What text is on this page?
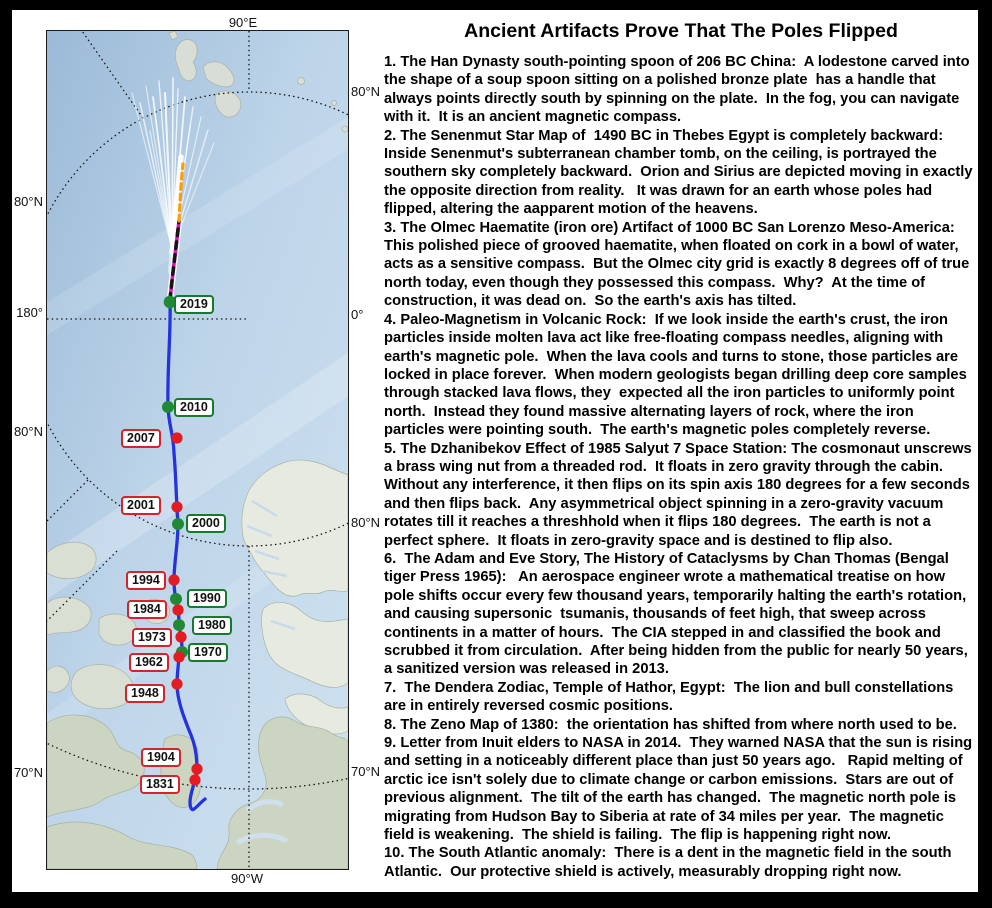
90°E
90°W
80°N
180°
80°N
70°N
80°N
0°
80°N
70°N
2019
2010
2007
2001
2000
1994
1990
1984
1980
1973
1970
1962
1948
1904
1831
Ancient Artifacts Prove That The Poles Flipped

1. The Han Dynasty south-pointing spoon of 206 BC China:  A lodestone carved into the shape of a soup spoon sitting on a polished bronze plate  has a handle that always points directly south by spinning on the plate.  In the fog, you can navigate with it.  It is an ancient magnetic compass.

2. The Senenmut Star Map of  1490 BC in Thebes Egypt is completely backward: Inside Senenmut's subterranean chamber tomb, on the ceiling, is portrayed the southern sky completely backward.  Orion and Sirius are depicted moving in exactly the opposite direction from reality.   It was drawn for an earth whose poles had flipped, altering the aapparent motion of the heavens.

3. The Olmec Haematite (iron ore) Artifact of 1000 BC San Lorenzo Meso-America: This polished piece of grooved haematite, when floated on cork in a bowl of water, acts as a sensitive compass.  But the Olmec city grid is exactly 8 degrees off of true north today, even though they possessed this compass.  Why?  At the time of construction, it was dead on.  So the earth's axis has tilted.

4. Paleo-Magnetism in Volcanic Rock:  If we look inside the earth's crust, the iron particles inside molten lava act like free-floating compass needles, aligning with earth's magnetic pole.  When the lava cools and turns to stone, those particles are locked in place forever.  When modern geologists began drilling deep core samples through stacked lava flows, they  expected all the iron particles to uniformly point north.  Instead they found massive alternating layers of rock, where the iron particles were pointing south.  The earth's magnetic poles completely reverse.

5. The Dzhanibekov Effect of 1985 Salyut 7 Space Station: The cosmonaut unscrews a brass wing nut from a threaded rod.  It floats in zero gravity through the cabin.  Without any interference, it then flips on its spin axis 180 degrees for a few seconds and then flips back.  Any asymmetrical object spinning in a zero-gravity vacuum rotates till it reaches a threshhold when it flips 180 degrees.  The earth is not a perfect sphere.  It floats in zero-gravity space and is destined to flip also.

6.  The Adam and Eve Story, The History of Cataclysms by Chan Thomas (Bengal tiger Press 1965):   An aerospace engineer wrote a mathematical treatise on how pole shifts occur every few thousand years, temporarily halting the earth's rotation, and causing supersonic  tsumanis, thousands of feet high, that sweep across continents in a matter of hours.  The CIA stepped in and classified the book and scrubbed it from circulation.  After being hidden from the public for nearly 50 years, a sanitized version was released in 2013.

7.  The Dendera Zodiac, Temple of Hathor, Egypt:  The lion and bull constellations are in entirely reversed cosmic positions.

8. The Zeno Map of 1380:  the orientation has shifted from where north used to be.

9. Letter from Inuit elders to NASA in 2014.  They warned NASA that the sun is rising and setting in a noticeably different place than just 50 years ago.   Rapid melting of arctic ice isn't solely due to climate change or carbon emissions.  Stars are out of previous alignment.  The tilt of the earth has changed.  The magnetic north pole is migrating from Hudson Bay to Siberia at rate of 34 miles per year.  The magnetic field is weakening.  The shield is failing.  The flip is happening right now.

10. The South Atlantic anomaly:  There is a dent in the magnetic field in the south Atlantic.  Our protective shield is actively, measurably dropping right now.
